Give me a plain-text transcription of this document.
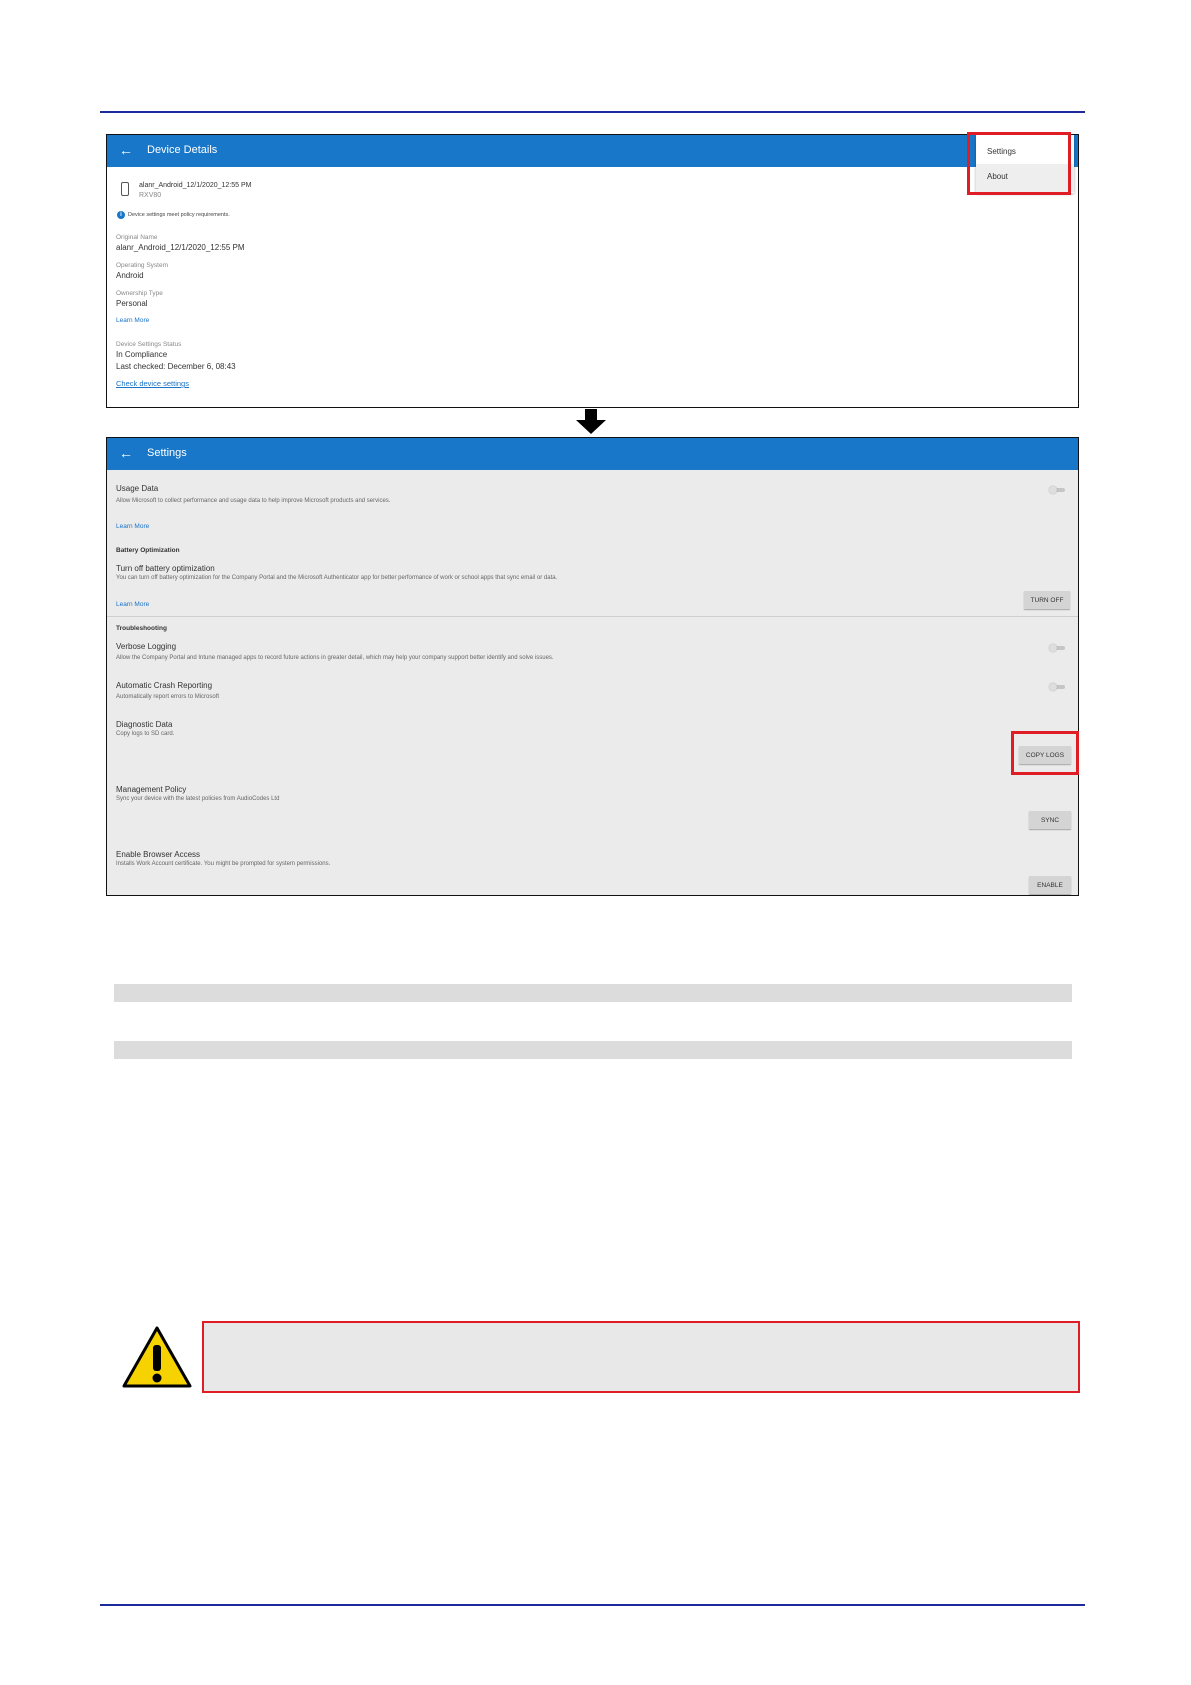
← Device Details
alanr_Android_12/1/2020_12:55 PM
RXV80
i	Device settings meet policy requirements.
Original Name
alanr_Android_12/1/2020_12:55 PM
Operating System
Android
Ownership Type
Personal
Learn More
Device Settings Status
In Compliance
Last checked: December 6, 08:43
Check device settings
Settings
About
← Settings
Usage Data
Allow Microsoft to collect performance and usage data to help improve Microsoft products and services.
Learn More
Battery Optimization
Turn off battery optimization
You can turn off battery optimization for the Company Portal and the Microsoft Authenticator app for better performance of work or school apps that sync email or data.
TURN OFF
Learn More
Troubleshooting
Verbose Logging
Allow the Company Portal and Intune managed apps to record future actions in greater detail, which may help your company support better identify and solve issues.
Automatic Crash Reporting
Automatically report errors to Microsoft
Diagnostic Data
Copy logs to SD card.
COPY LOGS
Management Policy
Sync your device with the latest policies from AudioCodes Ltd
SYNC
Enable Browser Access
Installs Work Account certificate. You might be prompted for system permissions.
ENABLE
